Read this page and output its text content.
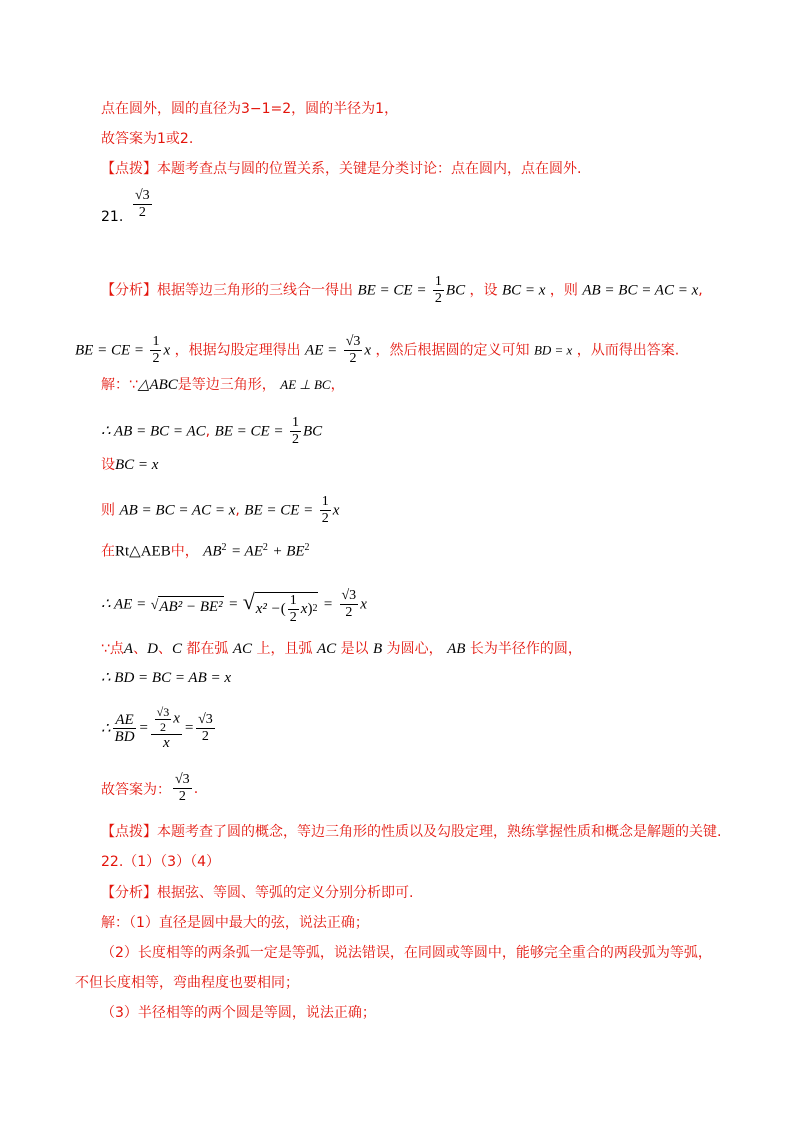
点在圆外，圆的直径为3−1=2，圆的半径为1，
故答案为1或2.
【点拨】本题考查点与圆的位置关系，关键是分类讨论：点在圆内，点在圆外.
21. $\frac{√3}{2}$
【分析】根据等边三角形的三线合一得出 BE = CE = $\frac{1}{2}$ BC ，设 BC = x ，则 AB = BC = AC = x,
BE = CE = $\frac{1}{2}$ x ，根据勾股定理得出 AE = $\frac{√3}{2}$ x ，然后根据圆的定义可知 BD = x ，从而得出答案.
解：∵△ABC是等边三角形， AE ⊥ BC，
∴ AB = BC = AC, BE = CE = $\frac{1}{2}$ BC
设BC = x
则 AB = BC = AC = x, BE = CE = $\frac{1}{2}$ x
在Rt△AEB中， $AB^2 = AE^2 + BE^2$
∴ AE = √ AB² − BE² = √ x² − ( $\frac{1}{2}$ x ) $2 = \frac{√3}{2}$ x
∵点A、D、C 都在弧 AC 上，且弧 AC 是以 B 为圆心， AB 长为半径作的圆，
∴ BD = BC = AB = x
∴ $\frac{AE}{BD} = \frac{\frac{√3}{2} x}{x} = \frac{√3}{2}$
故答案为： $\frac{√3}{2}$ .
【点拨】本题考查了圆的概念，等边三角形的性质以及勾股定理，熟练掌握性质和概念是解题的关键.
22.（1）（3）（4）
【分析】根据弦、等圆、等弧的定义分别分析即可.
解：（1）直径是圆中最大的弦，说法正确；
（2）长度相等的两条弧一定是等弧，说法错误，在同圆或等圆中，能够完全重合的两段弧为等弧，
不但长度相等，弯曲程度也要相同；
（3）半径相等的两个圆是等圆，说法正确；
